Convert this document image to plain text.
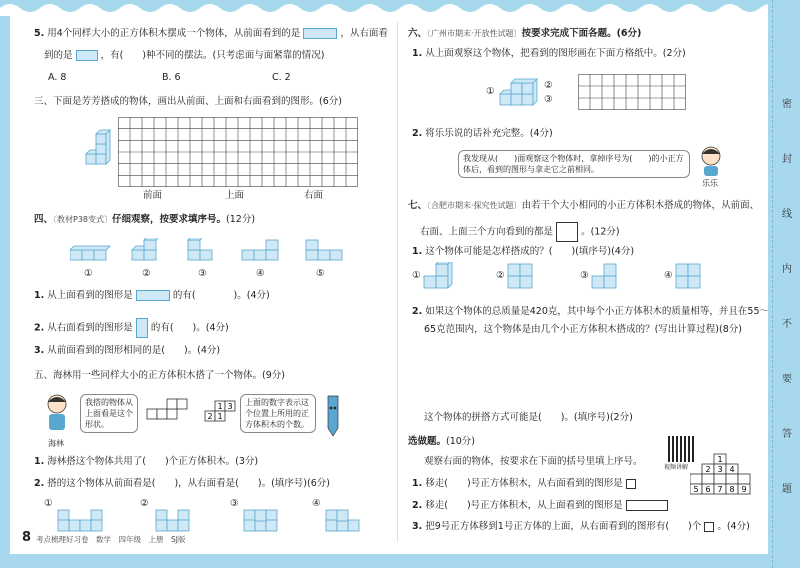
密
封
线
内
不
要
答
题
5. 用4个同样大小的正方体积木摆成一个物体，从前面看到的是	，从右面看
到的是	，有(　　)种不同的摆法。(只考虑面与面紧靠的情况)
A. 8	B. 6	C. 2
三、下面是芳芳搭成的物体，画出从前面、上面和右面看到的图形。(6分)
前面	上面	右面
四、〔教材P38变式〕仔细观察，按要求填序号。(12分)
①	②	③	④	⑤
1. 从上面看到的图形是	的有(　　　　)。(4分)
2. 从右面看到的图形是 的有(　　)。(4分)
3. 从前面看到的图形相同的是(　　)。(4分)
五、海林用一些同样大小的正方体积木搭了一个物体。(9分)
海林
我搭的物体从上面看是这个形状。
1 3
2 1
上面的数字表示这个位置上所用的正方体积木的个数。
1. 海林搭这个物体共用了(　　)个正方体积木。(3分)
2. 搭的这个物体从前面看是(　　)，从右面看是(　　)。(填序号)(6分)
①	②	③	④
8 考点梳理好习卷　数学　四年级　上册　SJ版
六、〔广州市期末·开放性试题〕按要求完成下面各题。(6分)
1. 从上面观察这个物体，把看到的图形画在下面方格纸中。(2分)
①
②
③
2. 将乐乐说的话补充完整。(4分)
我发现从(　　)面观察这个物体时，拿掉序号为(　　)的小正方体后，看到的图形与拿走它之前相同。
乐乐
七、〔合肥市期末·探究性试题〕由若干个大小相同的小正方体积木搭成的物体，从前面、
右面、上面三个方向看到的都是	。(12分)
1. 这个物体可能是怎样搭成的？(　　)(填序号)(4分)
①	②	③	④
2. 如果这个物体的总质量是420克，其中每个小正方体积木的质量相等，并且在55～
65克范围内，这个物体是由几个小正方体积木搭成的？(写出计算过程)(8分)
这个物体的拼搭方式可能是(　　)。(填序号)(2分)
选做题。(10分)
观察右面的物体，按要求在下面的括号里填上序号。
视频讲解
1
2 3 4
5 6 7 8 9
1. 移走(　　)号正方体积木，从右面看到的图形是
2. 移走(　　)号正方体积木，从上面看到的图形是
3. 把9号正方体移到1号正方体的上面，从右面看到的图形有(　　)个 。(4分)
